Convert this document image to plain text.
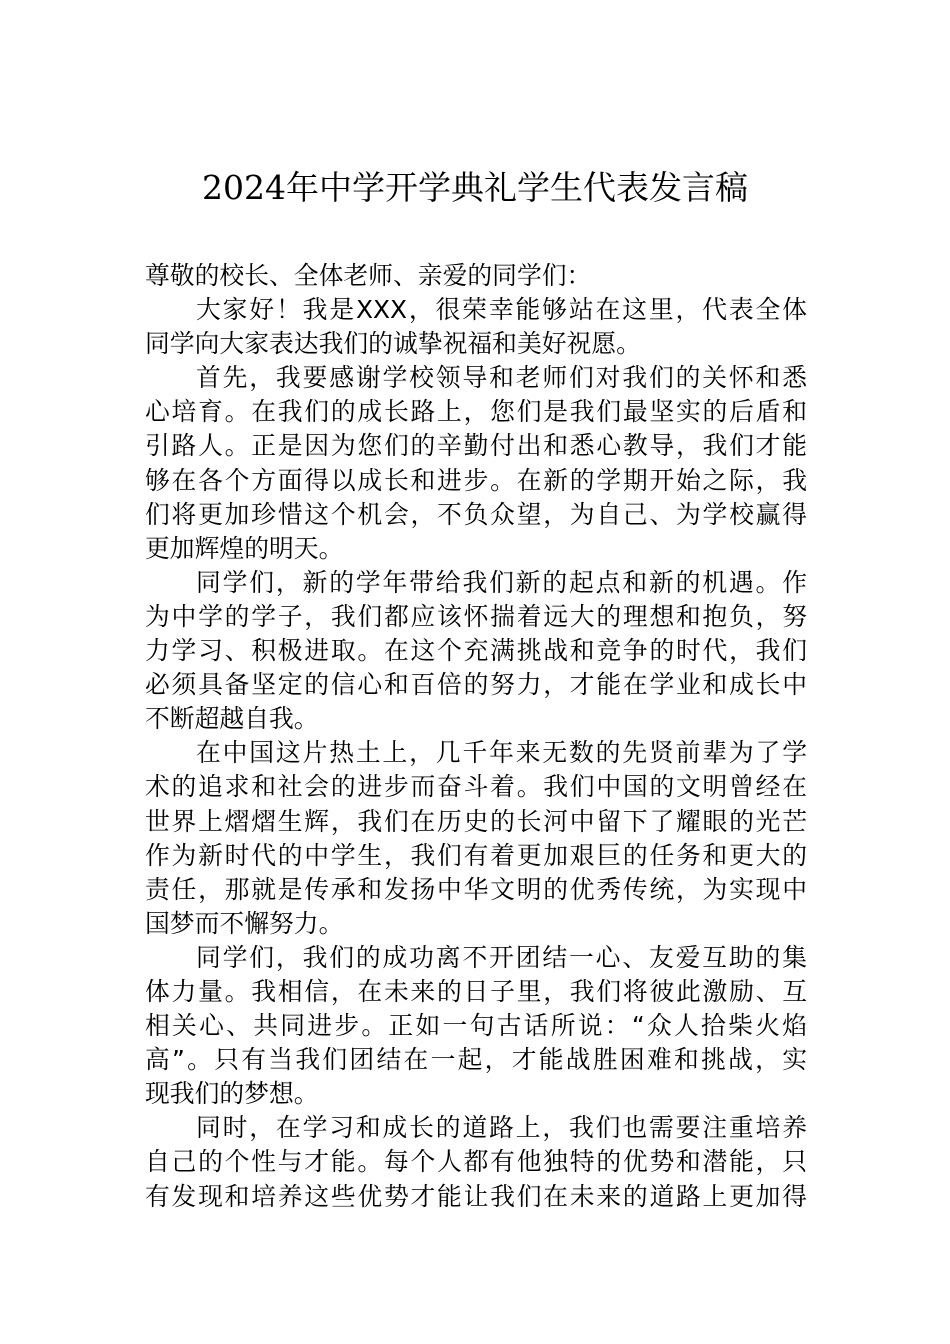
2024年中学开学典礼学生代表发言稿
尊敬的校长、全体老师、亲爱的同学们：
大家好！我是XXX，很荣幸能够站在这里，代表全体
同学向大家表达我们的诚挚祝福和美好祝愿。
首先，我要感谢学校领导和老师们对我们的关怀和悉
心培育。在我们的成长路上，您们是我们最坚实的后盾和
引路人。正是因为您们的辛勤付出和悉心教导，我们才能
够在各个方面得以成长和进步。在新的学期开始之际，我
们将更加珍惜这个机会，不负众望，为自己、为学校赢得
更加辉煌的明天。
同学们，新的学年带给我们新的起点和新的机遇。作
为中学的学子，我们都应该怀揣着远大的理想和抱负，努
力学习、积极进取。在这个充满挑战和竞争的时代，我们
必须具备坚定的信心和百倍的努力，才能在学业和成长中
不断超越自我。
在中国这片热土上，几千年来无数的先贤前辈为了学
术的追求和社会的进步而奋斗着。我们中国的文明曾经在
世界上熠熠生辉，我们在历史的长河中留下了耀眼的光芒
作为新时代的中学生，我们有着更加艰巨的任务和更大的
责任，那就是传承和发扬中华文明的优秀传统，为实现中
国梦而不懈努力。
同学们，我们的成功离不开团结一心、友爱互助的集
体力量。我相信，在未来的日子里，我们将彼此激励、互
相关心、共同进步。正如一句古话所说：“众人拾柴火焰
高”。只有当我们团结在一起，才能战胜困难和挑战，实
现我们的梦想。
同时，在学习和成长的道路上，我们也需要注重培养
自己的个性与才能。每个人都有他独特的优势和潜能，只
有发现和培养这些优势才能让我们在未来的道路上更加得
